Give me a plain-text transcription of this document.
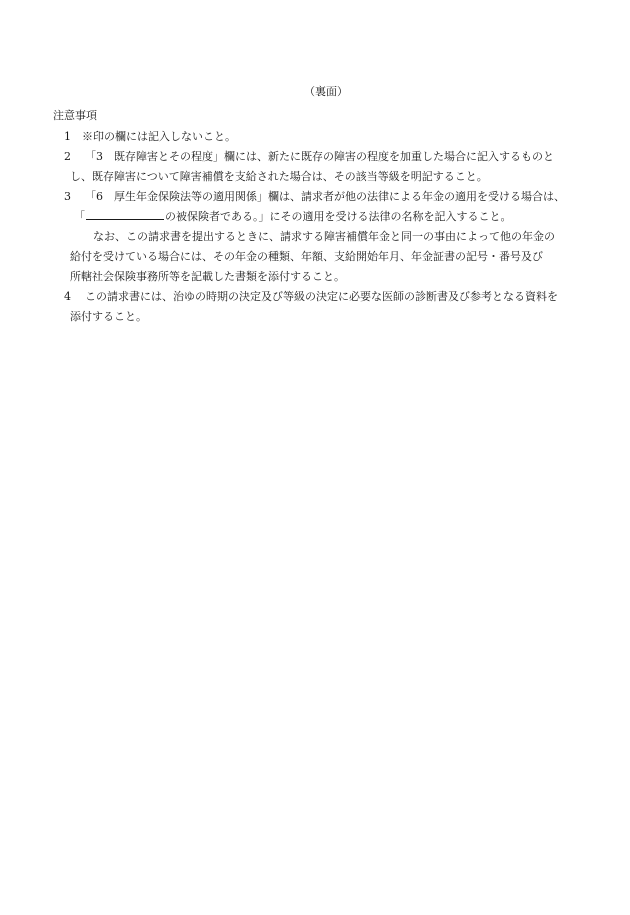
（裏面）
注意事項
1 ※印の欄には記入しないこと。
2 「3　既存障害とその程度」欄には、新たに既存の障害の程度を加重した場合に記入するものと
し、既存障害について障害補償を支給された場合は、その該当等級を明記すること。
3 「6　厚生年金保険法等の適用関係」欄は、請求者が他の法律による年金の適用を受ける場合は、
「	の被保険者である。」にその適用を受ける法律の名称を記入すること。
なお、この請求書を提出するときに、請求する障害補償年金と同一の事由によって他の年金の
給付を受けている場合には、その年金の種類、年額、支給開始年月、年金証書の記号・番号及び
所轄社会保険事務所等を記載した書類を添付すること。
4 この請求書には、治ゆの時期の決定及び等級の決定に必要な医師の診断書及び参考となる資料を
添付すること。
